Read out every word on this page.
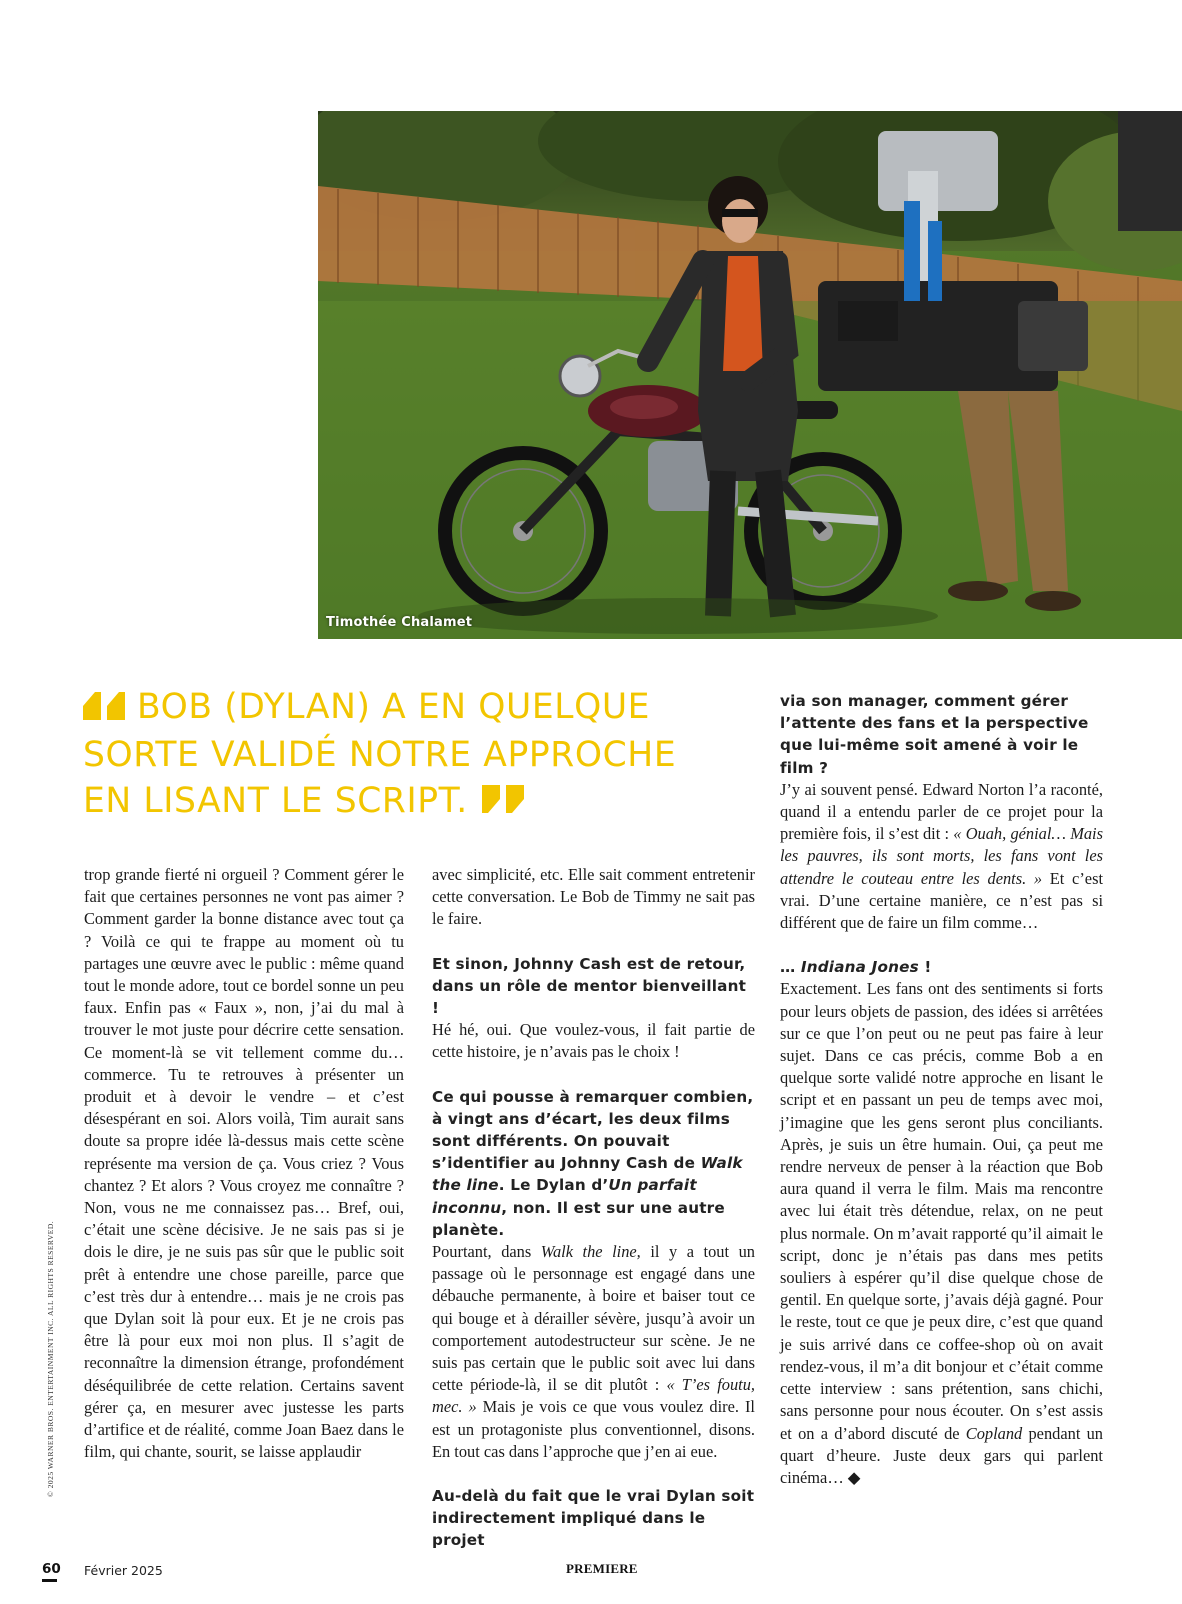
Timothée Chalamet
BOB (DYLAN) A EN QUELQUE SORTE VALIDÉ NOTRE APPROCHE EN LISANT LE SCRIPT.

trop grande fierté ni orgueil ? Comment gérer le fait que certaines personnes ne vont pas aimer ? Comment garder la bonne distance avec tout ça ? Voilà ce qui te frappe au moment où tu partages une œuvre avec le public : même quand tout le monde adore, tout ce bordel sonne un peu faux. Enfin pas « Faux », non, j’ai du mal à trouver le mot juste pour décrire cette sensation. Ce moment-là se vit tellement comme du… commerce. Tu te retrouves à présenter un produit et à devoir le vendre – et c’est désespérant en soi. Alors voilà, Tim aurait sans doute sa propre idée là-dessus mais cette scène représente ma version de ça. Vous criez ? Vous chantez ? Et alors ? Vous croyez me connaître ? Non, vous ne me connaissez pas… Bref, oui, c’était une scène décisive. Je ne sais pas si je dois le dire, je ne suis pas sûr que le public soit prêt à entendre une chose pareille, parce que c’est très dur à entendre… mais je ne crois pas que Dylan soit là pour eux. Et je ne crois pas être là pour eux moi non plus. Il s’agit de reconnaître la dimension étrange, profondément déséquilibrée de cette relation. Certains savent gérer ça, en mesurer avec justesse les parts d’artifice et de réalité, comme Joan Baez dans le film, qui chante, sourit, se laisse applaudir

avec simplicité, etc. Elle sait comment entretenir cette conversation. Le Bob de Timmy ne sait pas le faire.

Et sinon, Johnny Cash est de retour, dans un rôle de mentor bienveillant !

Hé hé, oui. Que voulez-vous, il fait partie de cette histoire, je n’avais pas le choix !

Ce qui pousse à remarquer combien, à vingt ans d’écart, les deux films sont différents. On pouvait s’identifier au Johnny Cash de Walk the line. Le Dylan d’Un parfait inconnu, non. Il est sur une autre planète.

Pourtant, dans Walk the line, il y a tout un passage où le personnage est engagé dans une débauche permanente, à boire et baiser tout ce qui bouge et à dérailler sévère, jusqu’à avoir un comportement autodestructeur sur scène. Je ne suis pas certain que le public soit avec lui dans cette période-là, il se dit plutôt : « T’es foutu, mec. » Mais je vois ce que vous voulez dire. Il est un protagoniste plus conventionnel, disons. En tout cas dans l’approche que j’en ai eue.

Au-delà du fait que le vrai Dylan soit indirectement impliqué dans le projet

via son manager, comment gérer l’attente des fans et la perspective que lui-même soit amené à voir le film ?

J’y ai souvent pensé. Edward Norton l’a raconté, quand il a entendu parler de ce projet pour la première fois, il s’est dit : « Ouah, génial… Mais les pauvres, ils sont morts, les fans vont les attendre le couteau entre les dents. » Et c’est vrai. D’une certaine manière, ce n’est pas si différent que de faire un film comme…

… Indiana Jones !

Exactement. Les fans ont des sentiments si forts pour leurs objets de passion, des idées si arrêtées sur ce que l’on peut ou ne peut pas faire à leur sujet. Dans ce cas précis, comme Bob a en quelque sorte validé notre approche en lisant le script et en passant un peu de temps avec moi, j’imagine que les gens seront plus conciliants. Après, je suis un être humain. Oui, ça peut me rendre nerveux de penser à la réaction que Bob aura quand il verra le film. Mais ma rencontre avec lui était très détendue, relax, on ne peut plus normale. On m’avait rapporté qu’il aimait le script, donc je n’étais pas dans mes petits souliers à espérer qu’il dise quelque chose de gentil. En quelque sorte, j’avais déjà gagné. Pour le reste, tout ce que je peux dire, c’est que quand je suis arrivé dans ce coffee-shop où on avait rendez-vous, il m’a dit bonjour et c’était comme cette interview : sans prétention, sans chichi, sans personne pour nous écouter. On s’est assis et on a d’abord discuté de Copland pendant un quart d’heure. Juste deux gars qui parlent cinéma… ◆

© 2025 WARNER BROS. ENTERTAINMENT INC. ALL RIGHTS RESERVED.
60 Février 2025	PREMIERE
